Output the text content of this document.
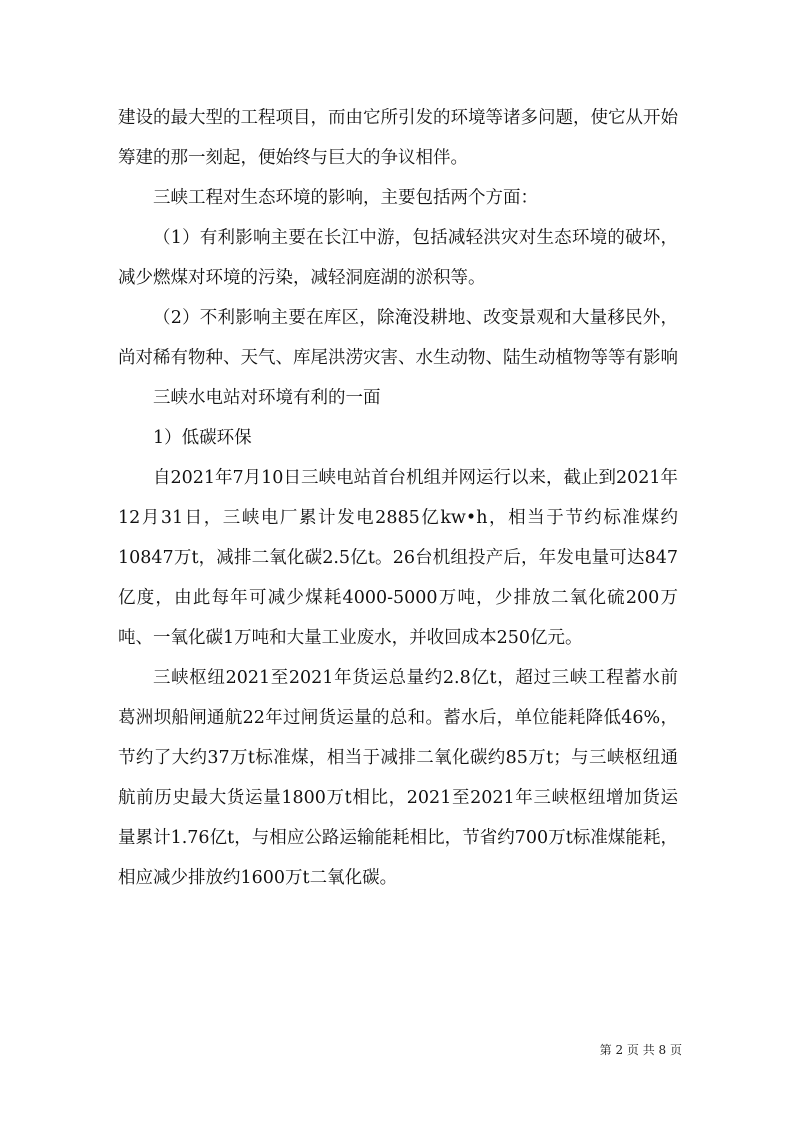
建设的最大型的工程项目，而由它所引发的环境等诸多问题，使它从开始筹建的那一刻起，便始终与巨大的争议相伴。

三峡工程对生态环境的影响，主要包括两个方面：

（1）有利影响主要在长江中游，包括减轻洪灾对生态环境的破坏，减少燃煤对环境的污染，减轻洞庭湖的淤积等。

（2）不利影响主要在库区，除淹没耕地、改变景观和大量移民外，尚对稀有物种、天气、库尾洪涝灾害、水生动物、陆生动植物等等有影响

三峡水电站对环境有利的一面

1）低碳环保

自2021年7月10日三峡电站首台机组并网运行以来，截止到2021年12月31日，三峡电厂累计发电2885亿kw•h，相当于节约标准煤约10847万t，减排二氧化碳2.5亿t。26台机组投产后，年发电量可达847亿度，由此每年可减少煤耗4000-5000万吨，少排放二氧化硫200万吨、一氧化碳1万吨和大量工业废水，并收回成本250亿元。

三峡枢纽2021至2021年货运总量约2.8亿t，超过三峡工程蓄水前葛洲坝船闸通航22年过闸货运量的总和。蓄水后，单位能耗降低46%，节约了大约37万t标准煤，相当于减排二氧化碳约85万t；与三峡枢纽通航前历史最大货运量1800万t相比，2021至2021年三峡枢纽增加货运量累计1.76亿t，与相应公路运输能耗相比，节省约700万t标准煤能耗，相应减少排放约1600万t二氧化碳。

第 2 页 共 8 页
